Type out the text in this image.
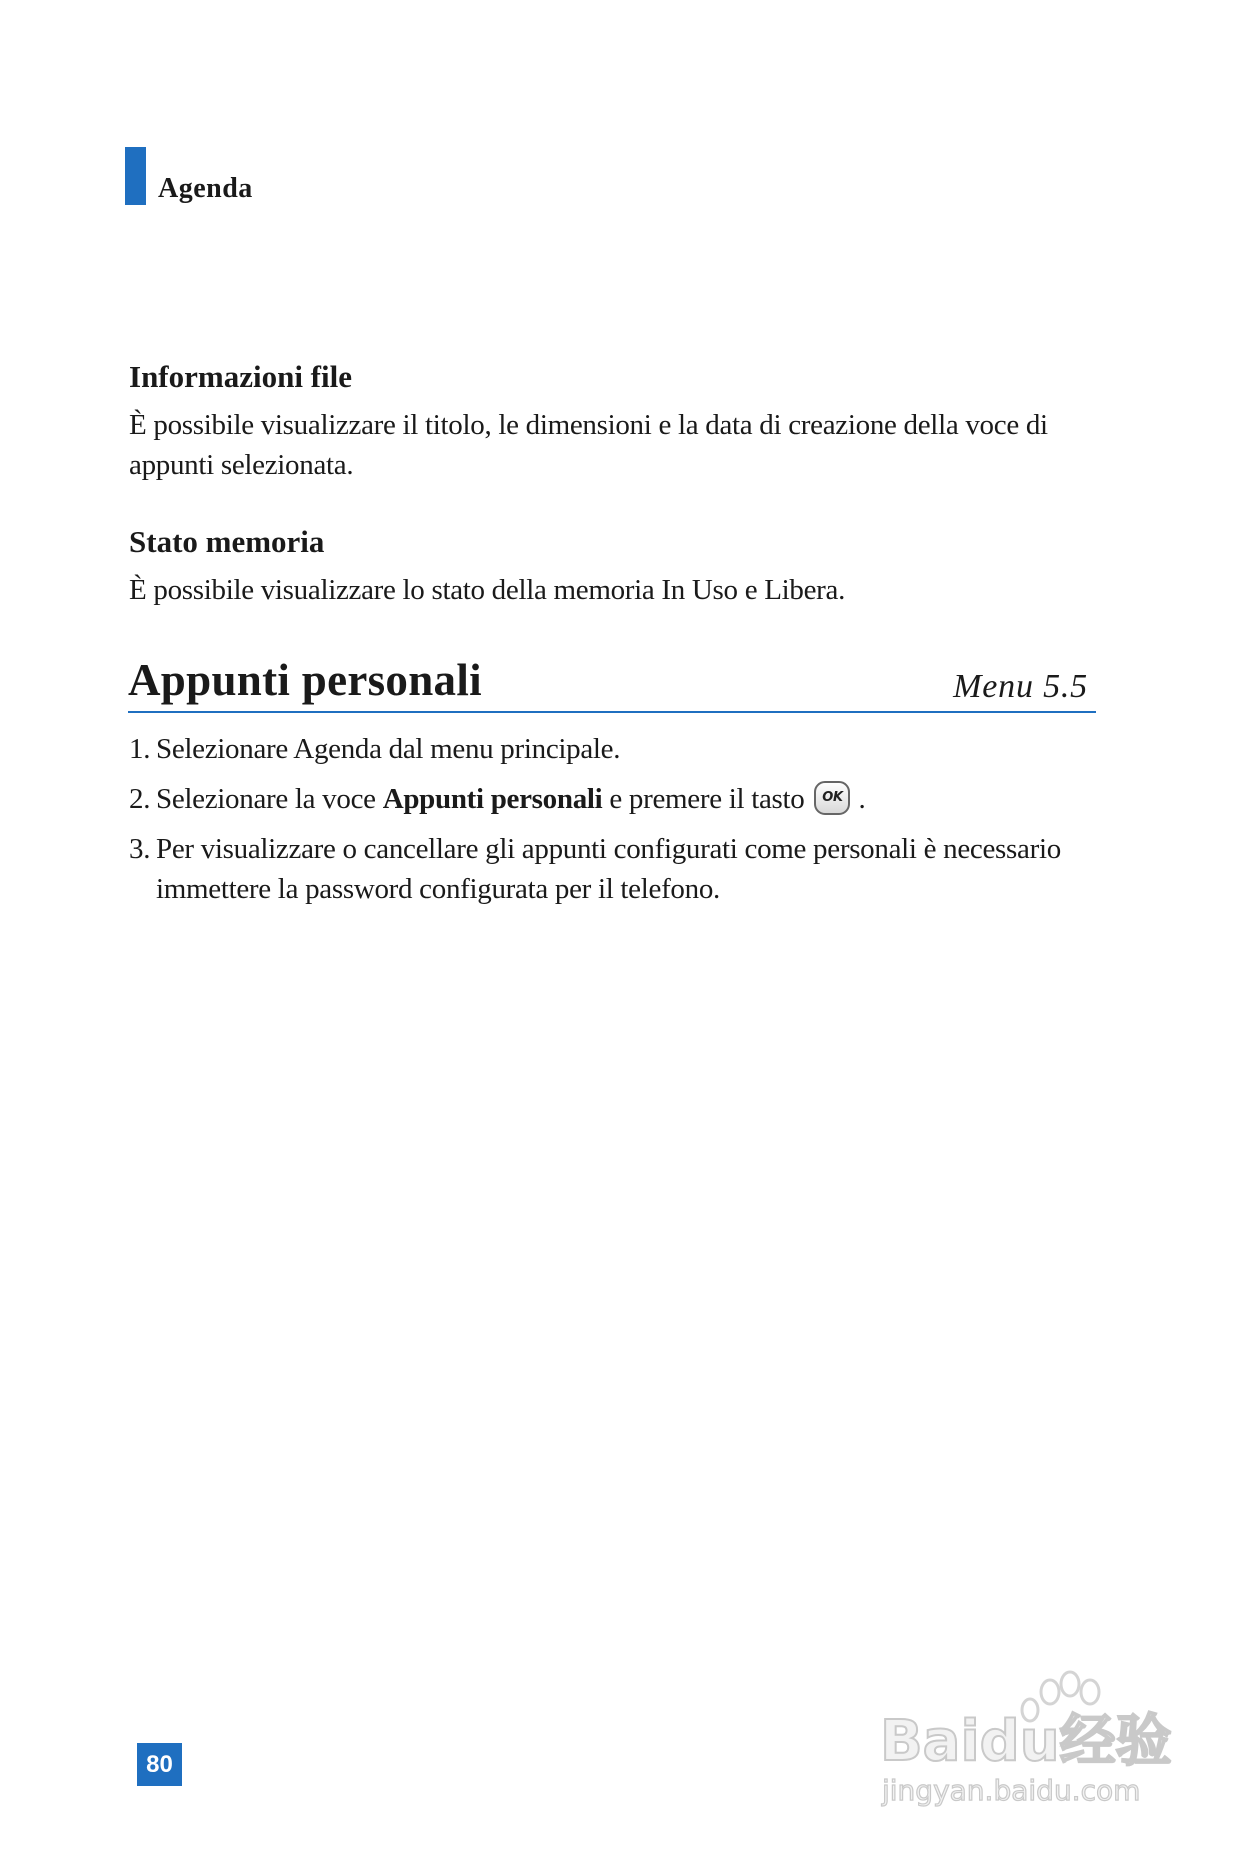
Agenda
Informazioni file
È possibile visualizzare il titolo, le dimensioni e la data di creazione della voce di appunti selezionata.
Stato memoria
È possibile visualizzare lo stato della memoria In Uso e Libera.
Appunti personali	Menu 5.5
1. Selezionare Agenda dal menu principale.
2. Selezionare la voce Appunti personali e premere il tasto OK .
3. Per visualizzare o cancellare gli appunti configurati come personali è necessario immettere la password configurata per il telefono.
80	Baidu经验
jingyan.baidu.com
